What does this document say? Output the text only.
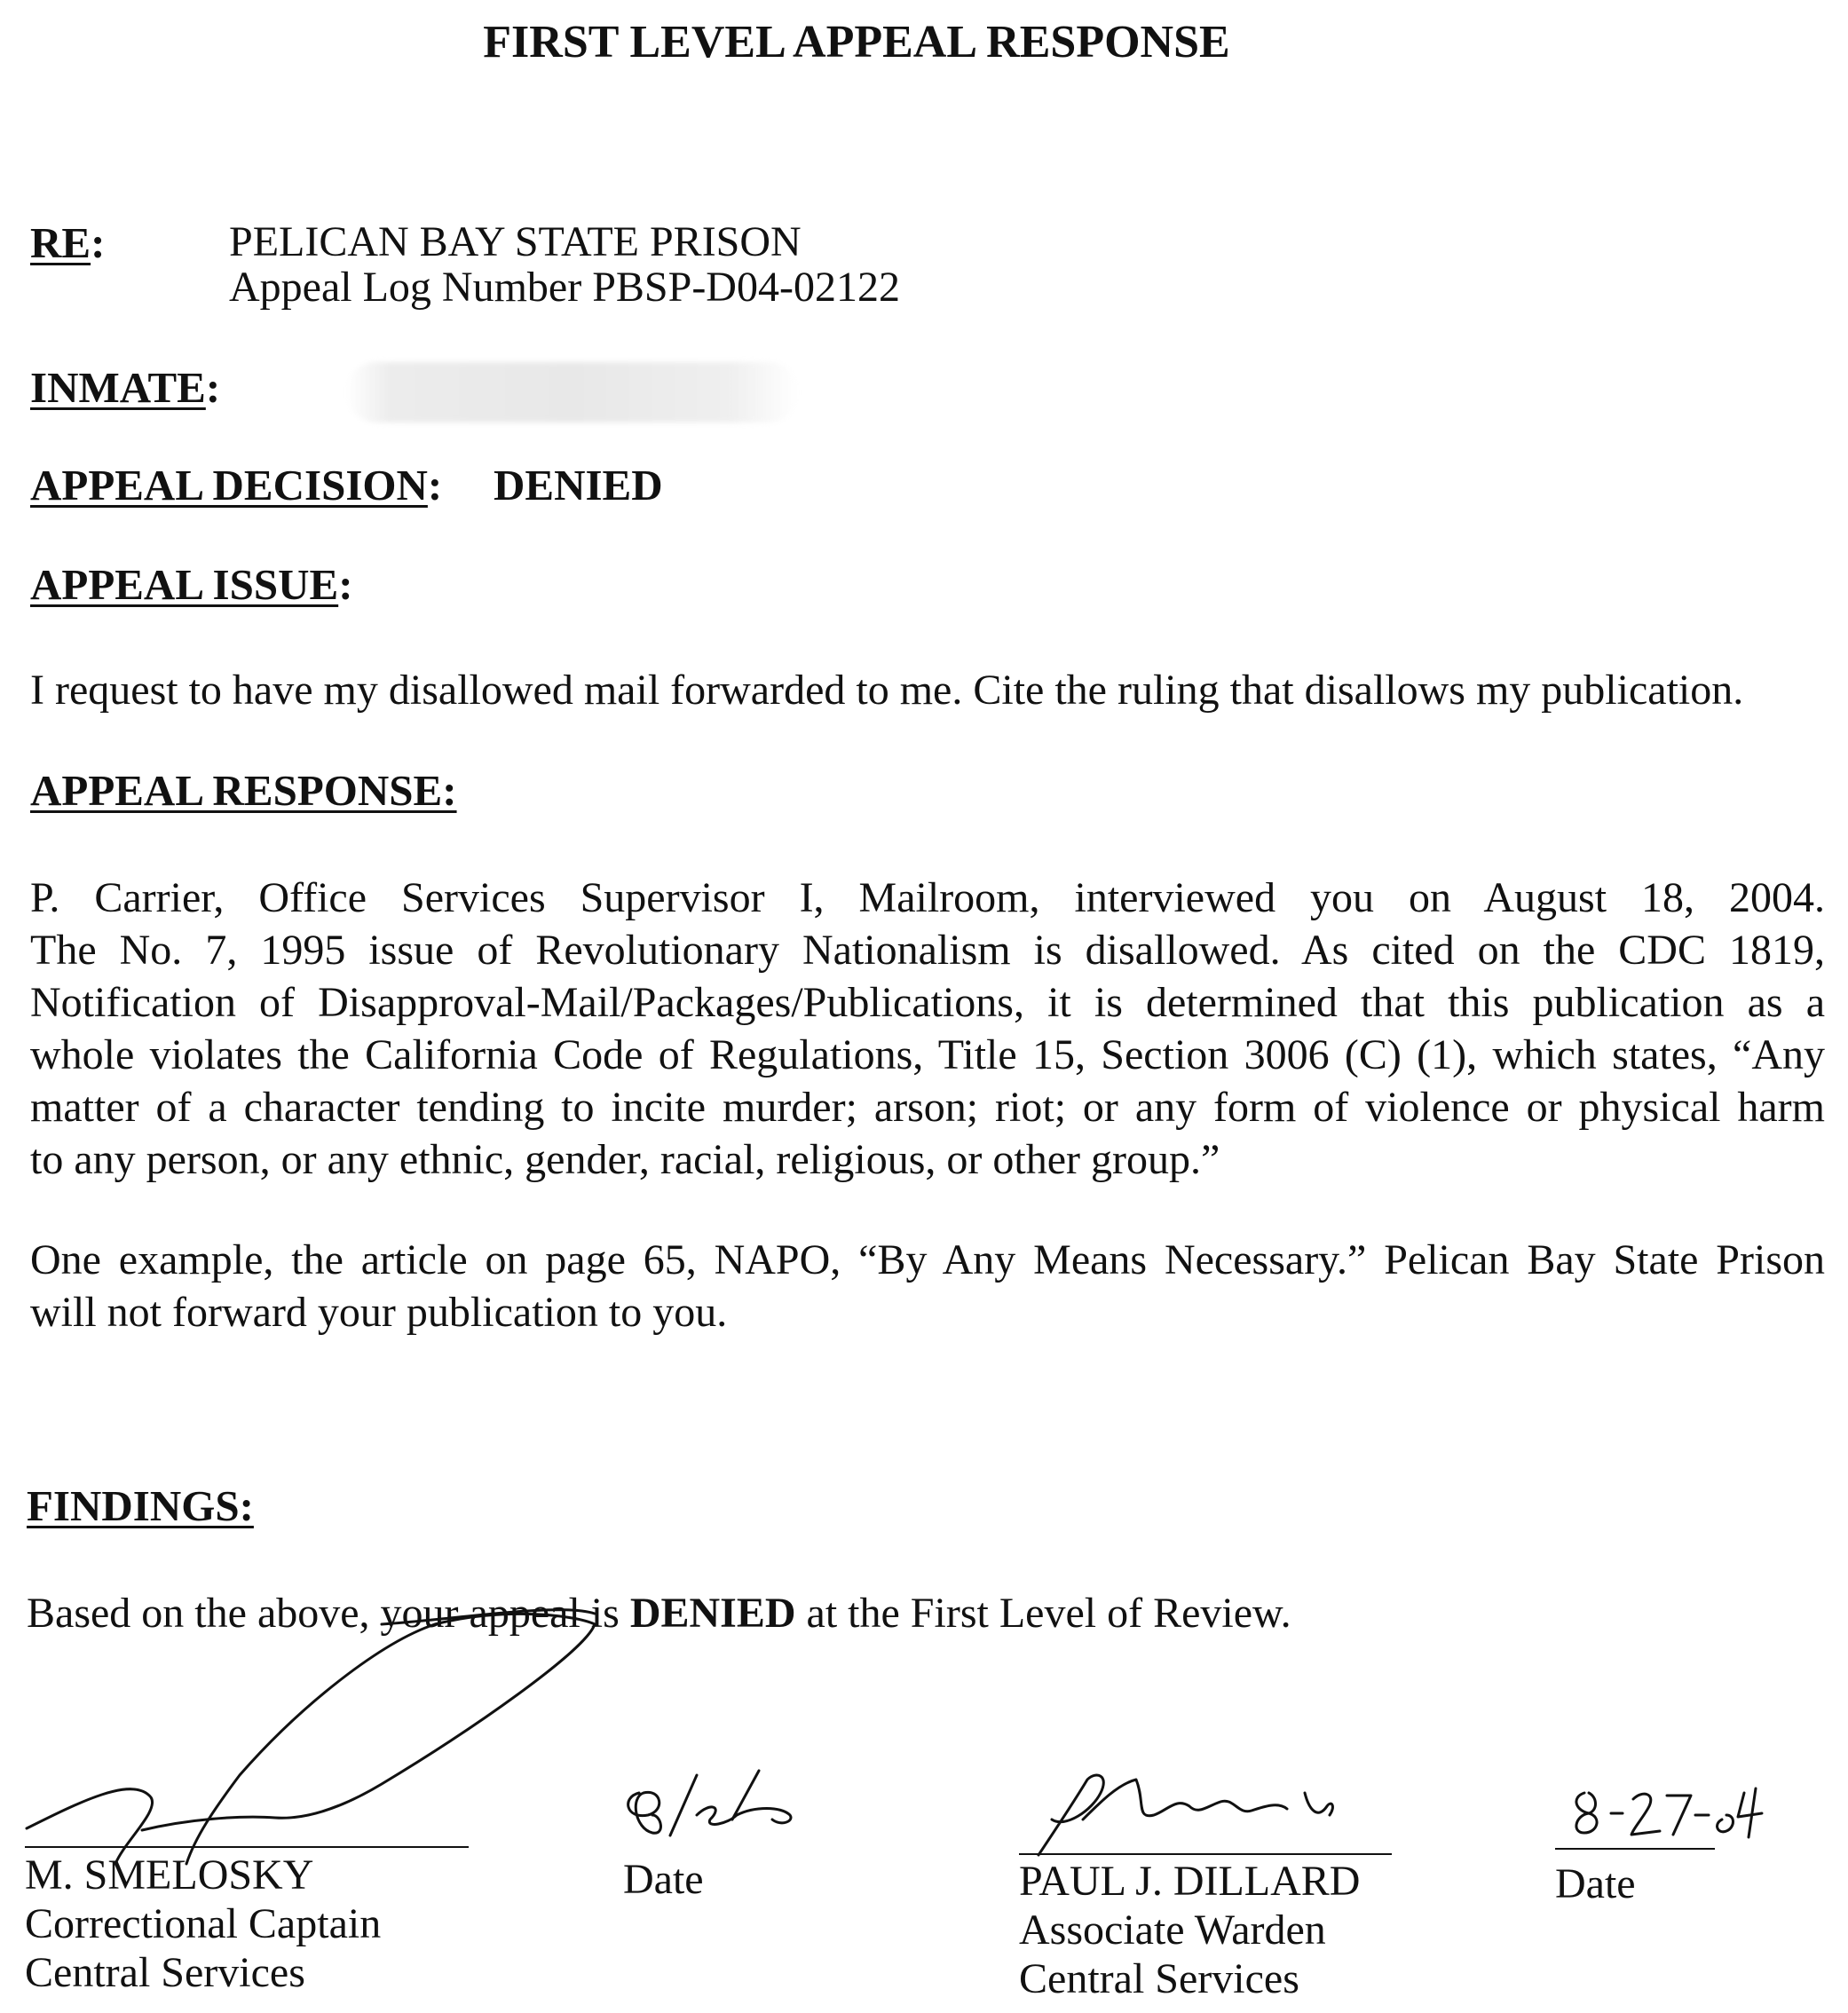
FIRST LEVEL APPEAL RESPONSE
RE:	PELICAN BAY STATE PRISON
Appeal Log Number PBSP-D04-02122
INMATE:
APPEAL DECISION: DENIED
APPEAL ISSUE:
I request to have my disallowed mail forwarded to me. Cite the ruling that disallows my publication.
APPEAL RESPONSE:
P. Carrier, Office Services Supervisor I, Mailroom, interviewed you on August 18, 2004.
The No. 7, 1995 issue of Revolutionary Nationalism is disallowed. As cited on the CDC 1819,
Notification of Disapproval-Mail/Packages/Publications, it is determined that this publication as a
whole violates the California Code of Regulations, Title 15, Section 3006 (C) (1), which states, “Any
matter of a character tending to incite murder; arson; riot; or any form of violence or physical harm
to any person, or any ethnic, gender, racial, religious, or other group.”
One example, the article on page 65, NAPO, “By Any Means Necessary.” Pelican Bay State Prison
will not forward your publication to you.
FINDINGS:
Based on the above, your appeal is DENIED at the First Level of Review.
M. SMELOSKY
Correctional Captain
Central Services
Date	PAUL J. DILLARD
Associate Warden
Central Services
Date
